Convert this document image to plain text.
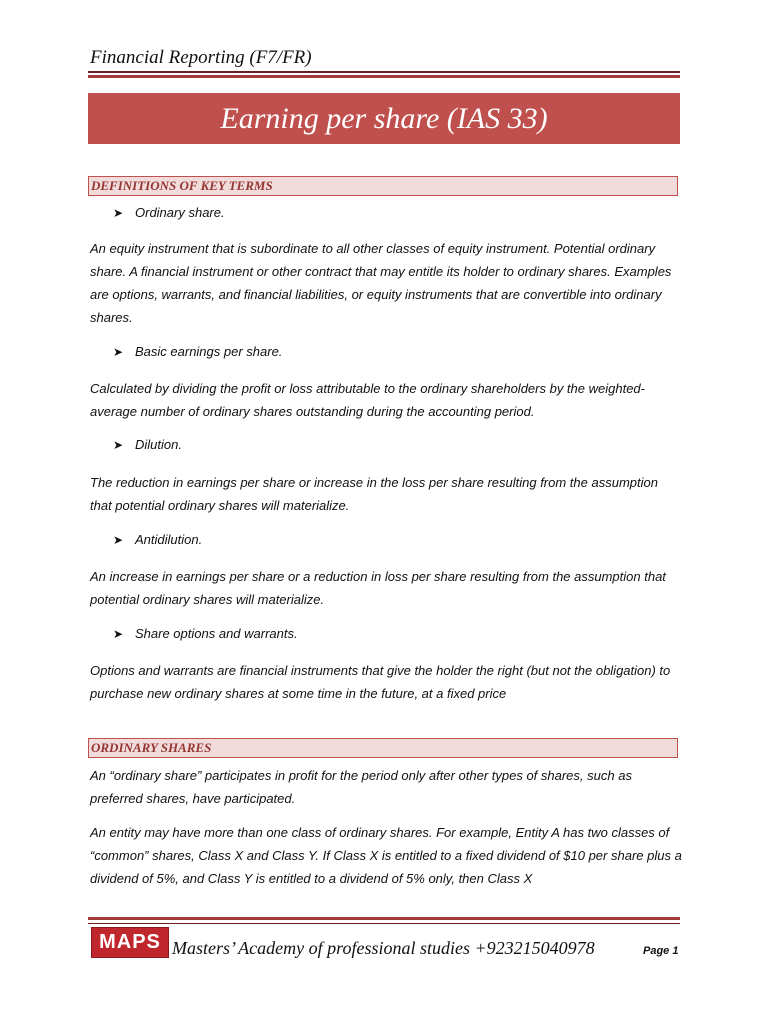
Financial Reporting (F7/FR)
Earning per share (IAS 33)
DEFINITIONS OF KEY TERMS
➤ Ordinary share.
An equity instrument that is subordinate to all other classes of equity instrument. Potential ordinary share. A financial instrument or other contract that may entitle its holder to ordinary shares. Examples are options, warrants, and financial liabilities, or equity instruments that are convertible into ordinary shares.
➤ Basic earnings per share.
Calculated by dividing the profit or loss attributable to the ordinary shareholders by the weighted-average number of ordinary shares outstanding during the accounting period.
➤ Dilution.
The reduction in earnings per share or increase in the loss per share resulting from the assumption that potential ordinary shares will materialize.
➤ Antidilution.
An increase in earnings per share or a reduction in loss per share resulting from the assumption that potential ordinary shares will materialize.
➤ Share options and warrants.
Options and warrants are financial instruments that give the holder the right (but not the obligation) to purchase new ordinary shares at some time in the future, at a fixed price
ORDINARY SHARES
An “ordinary share” participates in profit for the period only after other types of shares, such as preferred shares, have participated.
An entity may have more than one class of ordinary shares. For example, Entity A has two classes of “common” shares, Class X and Class Y. If Class X is entitled to a fixed dividend of $10 per share plus a dividend of 5%, and Class Y is entitled to a dividend of 5% only, then Class X
MAPS Masters’ Academy of professional studies +923215040978	Page 1
